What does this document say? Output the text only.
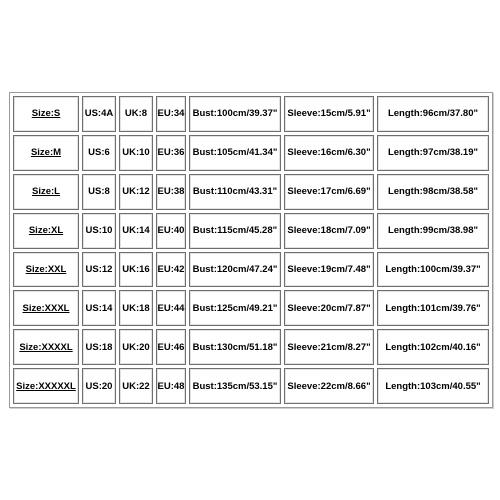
Size:S	US:4A	UK:8	EU:34	Bust:100cm/39.37"	Sleeve:15cm/5.91"	Length:96cm/37.80"
Size:M	US:6	UK:10	EU:36	Bust:105cm/41.34"	Sleeve:16cm/6.30"	Length:97cm/38.19"
Size:L	US:8	UK:12	EU:38	Bust:110cm/43.31"	Sleeve:17cm/6.69"	Length:98cm/38.58"
Size:XL	US:10	UK:14	EU:40	Bust:115cm/45.28"	Sleeve:18cm/7.09"	Length:99cm/38.98"
Size:XXL	US:12	UK:16	EU:42	Bust:120cm/47.24"	Sleeve:19cm/7.48"	Length:100cm/39.37"
Size:XXXL	US:14	UK:18	EU:44	Bust:125cm/49.21"	Sleeve:20cm/7.87"	Length:101cm/39.76"
Size:XXXXL	US:18	UK:20	EU:46	Bust:130cm/51.18"	Sleeve:21cm/8.27"	Length:102cm/40.16"
Size:XXXXXL	US:20	UK:22	EU:48	Bust:135cm/53.15"	Sleeve:22cm/8.66"	Length:103cm/40.55"
